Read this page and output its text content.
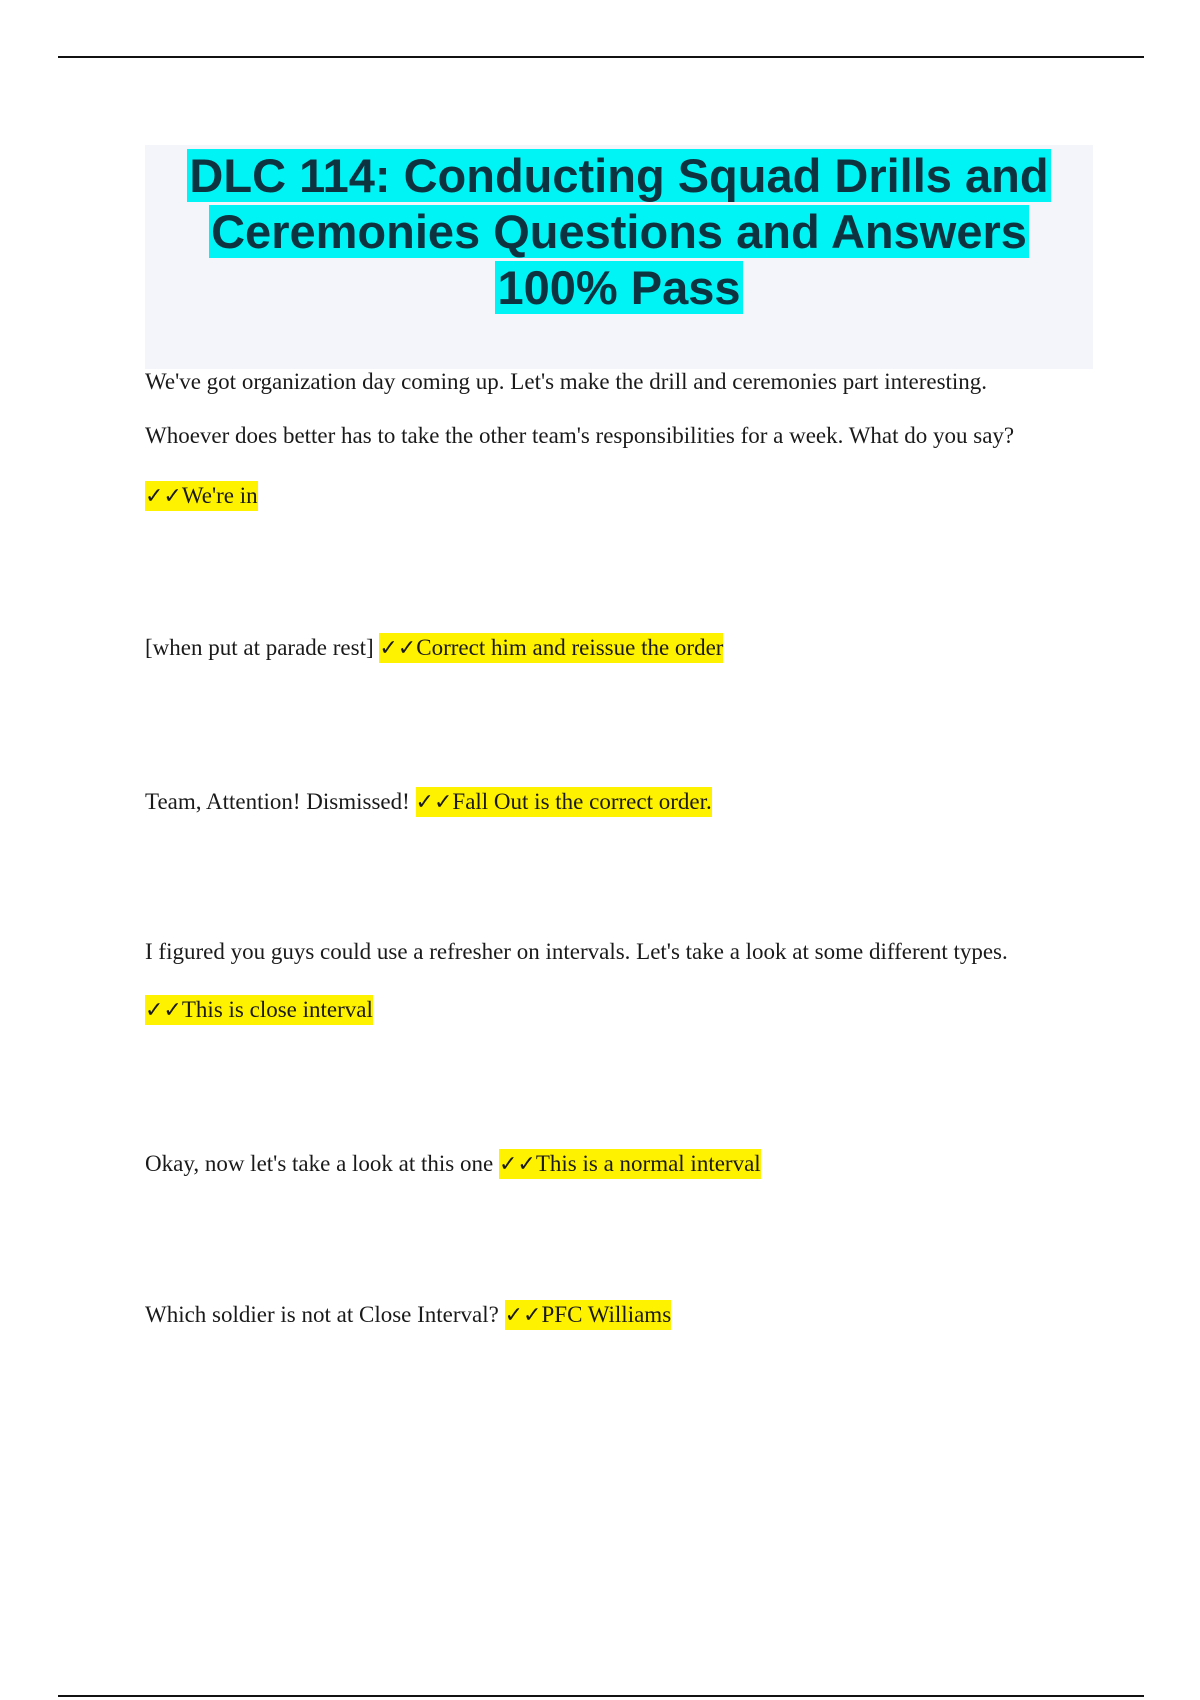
DLC 114: Conducting Squad Drills and Ceremonies Questions and Answers 100% Pass
We've got organization day coming up. Let's make the drill and ceremonies part interesting.
Whoever does better has to take the other team's responsibilities for a week. What do you say?
✓✓We're in
[when put at parade rest] ✓✓Correct him and reissue the order
Team, Attention! Dismissed! ✓✓Fall Out is the correct order.
I figured you guys could use a refresher on intervals. Let's take a look at some different types.
✓✓This is close interval
Okay, now let's take a look at this one ✓✓This is a normal interval
Which soldier is not at Close Interval? ✓✓PFC Williams
